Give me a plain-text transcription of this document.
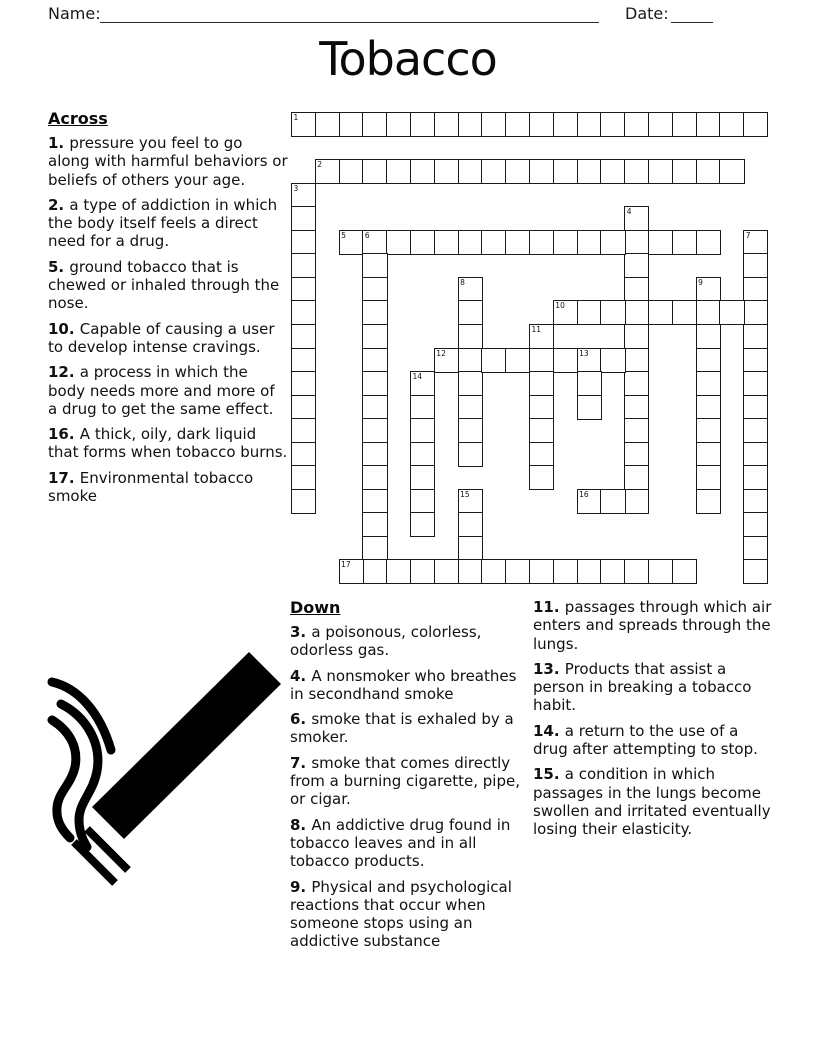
Name:	Date:
Tobacco
Across

1. pressure you feel to go along with harmful behaviors or beliefs of others your age.

2. a type of addiction in which the body itself feels a direct need for a drug.

5. ground tobacco that is chewed or inhaled through the nose.

10. Capable of causing a user to develop intense cravings.

12. a process in which the body needs more and more of a drug to get the same effect.

16. A thick, oily, dark liquid that forms when tobacco burns.

17. Environmental tobacco smoke

1
2
3
4
5	6	7
8	9
10
11
12	13
14
15	16
17
Down

3. a poisonous, colorless, odorless gas.

4. A nonsmoker who breathes in secondhand smoke

6. smoke that is exhaled by a smoker.

7. smoke that comes directly from a burning cigarette, pipe, or cigar.

8. An addictive drug found in tobacco leaves and in all tobacco products.

9. Physical and psychological reactions that occur when someone stops using an addictive substance

11. passages through which air enters and spreads through the lungs.

13. Products that assist a person in breaking a tobacco habit.

14. a return to the use of a drug after attempting to stop.

15. a condition in which passages in the lungs become swollen and irritated eventually losing their elasticity.
